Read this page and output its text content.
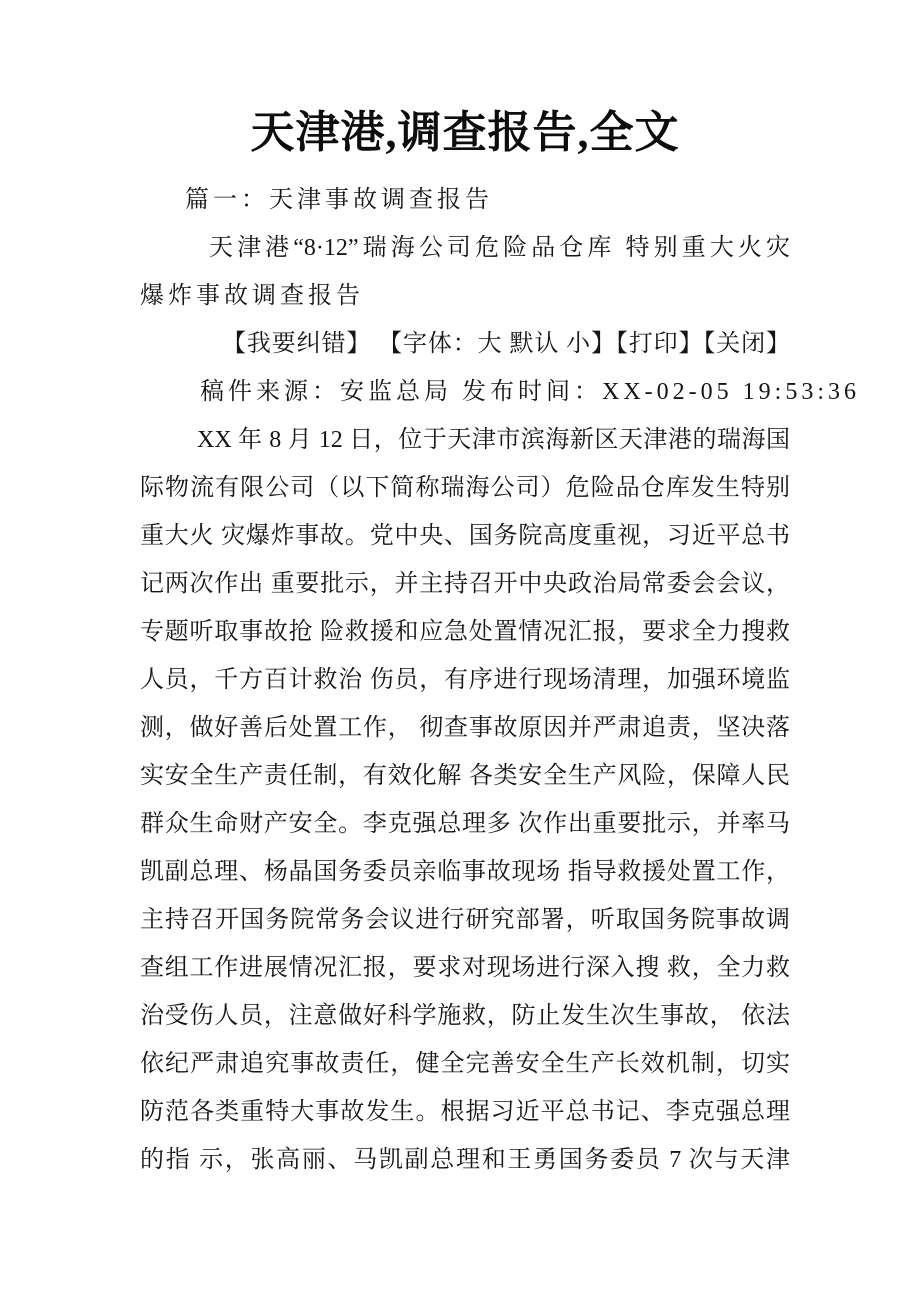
天津港,调查报告,全文
篇一：天津事故调查报告
天津港“8·12”瑞海公司危险品仓库 特别重大火灾
爆炸事故调查报告
【我要纠错】 【字体：大 默认 小】【打印】【关闭】
稿件来源：安监总局 发布时间：XX-02-05 19:53:36
XX 年 8 月 12 日，位于天津市滨海新区天津港的瑞海国
际物流有限公司（以下简称瑞海公司）危险品仓库发生特别
重大火 灾爆炸事故。党中央、国务院高度重视，习近平总书
记两次作出 重要批示，并主持召开中央政治局常委会会议，
专题听取事故抢 险救援和应急处置情况汇报，要求全力搜救
人员，千方百计救治 伤员，有序进行现场清理，加强环境监
测，做好善后处置工作， 彻查事故原因并严肃追责，坚决落
实安全生产责任制，有效化解 各类安全生产风险，保障人民
群众生命财产安全。李克强总理多 次作出重要批示，并率马
凯副总理、杨晶国务委员亲临事故现场 指导救援处置工作，
主持召开国务院常务会议进行研究部署，听取国务院事故调
查组工作进展情况汇报，要求对现场进行深入搜 救，全力救
治受伤人员，注意做好科学施救，防止发生次生事故， 依法
依纪严肃追究事故责任，健全完善安全生产长效机制，切实
防范各类重特大事故发生。根据习近平总书记、李克强总理
的指 示，张高丽、马凯副总理和王勇国务委员 7 次与天津
